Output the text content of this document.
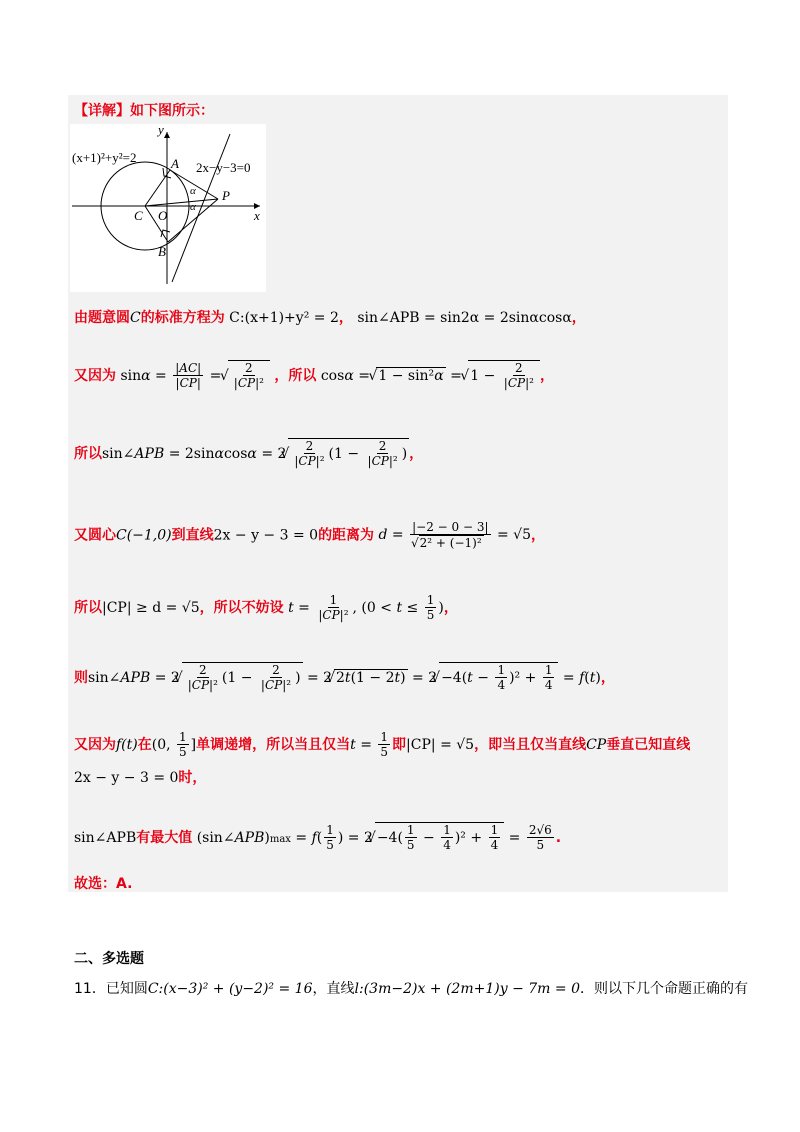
【详解】如下图所示：
(x+1)²+y²=2
2x−y−3=0
y
x
A
B
C O
P
α
α
由题意圆C的标准方程为 C:(x+1)+y² = 2， sin∠APB = sin2α = 2sinαcosα，
又因为 $\sin\alpha = \frac{|AC|}{|CP|}$ =
√ $\frac{2}{\text{|CP|²}}$ ，所以 cosα = √ 1 − sin²α = √ $1 - \frac{2}{\text{|CP|²}}$ ，
所以sin∠APB = 2sinαcosα = 2
√ $\frac{2}{\text{|CP|²}} (1 - \frac{2}{\text{|CP|²}}$ ) ，
又圆心C(−1,0)到直线2x − y − 3 = 0的距离为 d = |−2 − 0 − 3|
√ 2² + (−1)² = √5，
所以|CP| ≥ d = √5，所以不妨设 $t = \frac{1}{\text{|CP|²}}$ , ($0 < t \le \frac{1}{5}$ )，
则sin∠APB = 2
√ $\frac{2}{\text{|CP|²}} (1 - \frac{2}{\text{|CP|²}}$ ) = 2√ $2t(1 - 2t) = 2√ -4(t - \frac{1}{4} )^2 + \frac{1}{4} = f(t)$，
又因为f(t)在(0, $\frac{1}{5}$ ]单调递增，所以当且仅当$t = \frac{1}{5}$ 即|CP| = √5，即当且仅当直线CP垂直已知直线
2x − y − 3 = 0时，
sin∠APB有最大值 (sin∠APB)max = $f( \frac{1}{5}$ ) = $2√ -4( \frac{1}{5} - \frac{1}{4} )^2 + \frac{1}{4} = \frac{2√6}{5}$ .
故选：A.
二、多选题
11．已知圆C:(x−3)² + (y−2)² = 16，直线l:(3m−2)x + (2m+1)y − 7m = 0．则以下几个命题正确的有
